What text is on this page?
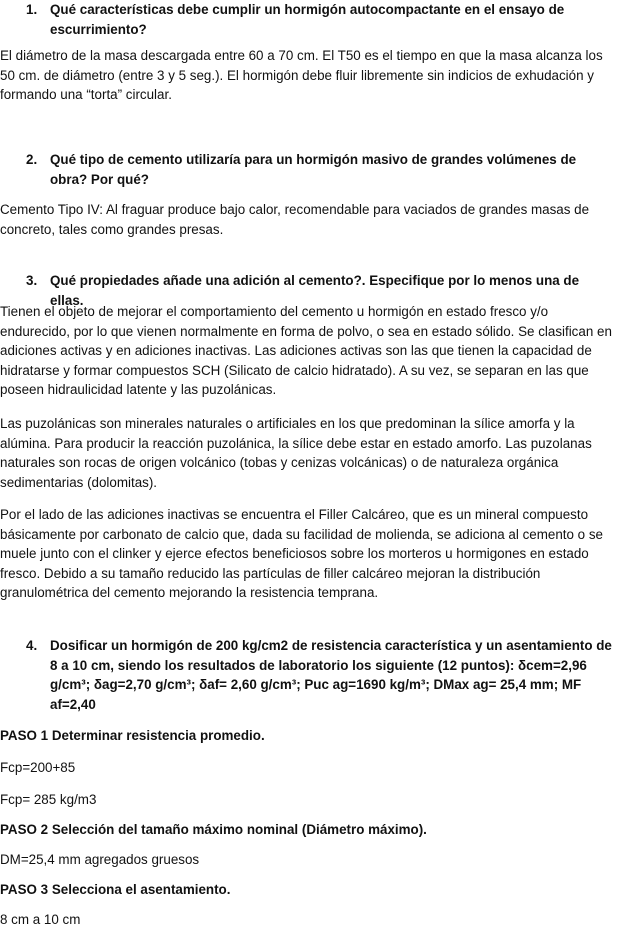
1. Qué características debe cumplir un hormigón autocompactante en el ensayo de escurrimiento?
El diámetro de la masa descargada entre 60 a 70 cm. El T50 es el tiempo en que la masa alcanza los 50 cm. de diámetro (entre 3 y 5 seg.). El hormigón debe fluir libremente sin indicios de exhudación y formando una “torta” circular.
2. Qué tipo de cemento utilizaría para un hormigón masivo de grandes volúmenes de obra? Por qué?
Cemento Tipo IV: Al fraguar produce bajo calor, recomendable para vaciados de grandes masas de concreto, tales como grandes presas.
3. Qué propiedades añade una adición al cemento?. Especifique por lo menos una de ellas.
Tienen el objeto de mejorar el comportamiento del cemento u hormigón en estado fresco y/o endurecido, por lo que vienen normalmente en forma de polvo, o sea en estado sólido. Se clasifican en adiciones activas y en adiciones inactivas. Las adiciones activas son las que tienen la capacidad de hidratarse y formar compuestos SCH (Silicato de calcio hidratado). A su vez, se separan en las que poseen hidraulicidad latente y las puzolánicas.
Las puzolánicas son minerales naturales o artificiales en los que predominan la sílice amorfa y la alúmina. Para producir la reacción puzolánica, la sílice debe estar en estado amorfo. Las puzolanas naturales son rocas de origen volcánico (tobas y cenizas volcánicas) o de naturaleza orgánica sedimentarias (dolomitas).
Por el lado de las adiciones inactivas se encuentra el Filler Calcáreo, que es un mineral compuesto básicamente por carbonato de calcio que, dada su facilidad de molienda, se adiciona al cemento o se muele junto con el clinker y ejerce efectos beneficiosos sobre los morteros u hormigones en estado fresco. Debido a su tamaño reducido las partículas de filler calcáreo mejoran la distribución granulométrica del cemento mejorando la resistencia temprana.
4. Dosificar un hormigón de 200 kg/cm2 de resistencia característica y un asentamiento de 8 a 10 cm, siendo los resultados de laboratorio los siguiente (12 puntos): δcem=2,96 g/cm³; δag=2,70 g/cm³; δaf= 2,60 g/cm³; Puc ag=1690 kg/m³; DMax ag= 25,4 mm; MF af=2,40
PASO 1 Determinar resistencia promedio.
Fcp=200+85
Fcp= 285 kg/m3
PASO 2 Selección del tamaño máximo nominal (Diámetro máximo).
DM=25,4 mm agregados gruesos
PASO 3 Selecciona el asentamiento.
8 cm a 10 cm
